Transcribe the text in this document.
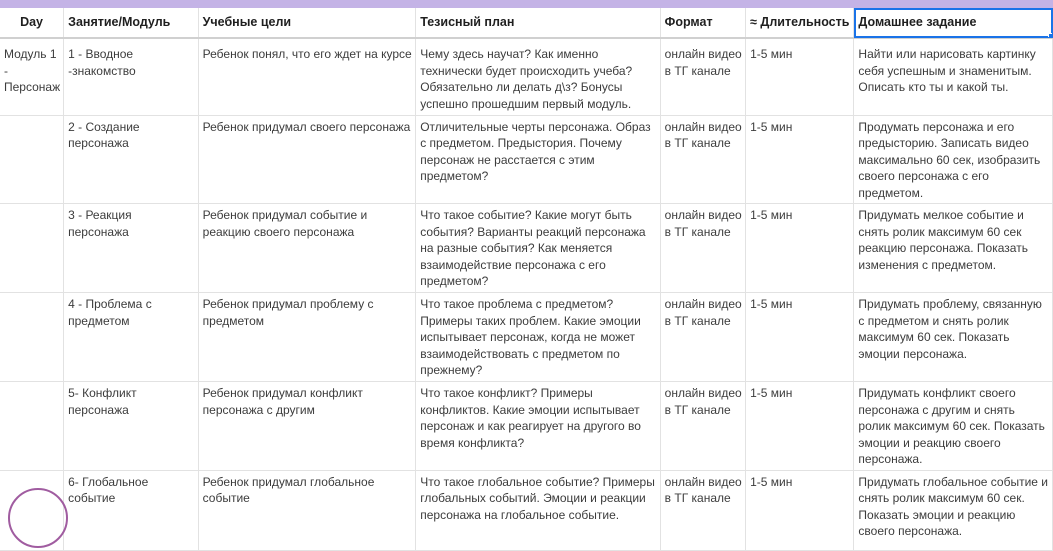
Day	Занятие/Модуль	Учебные цели	Тезисный план	Формат	≈ Длительность	Домашнее задание

Модуль 1 - Персонаж	1 - Вводное -знакомство	Ребенок понял, что его ждет на курсе	Чему здесь научат? Как именно технически будет происходить учеба? Обязательно ли делать д\з? Бонусы успешно прошедшим первый модуль.	онлайн видео в ТГ канале	1-5 мин	Найти или нарисовать картинку себя успешным и знаменитым. Описать кто ты и какой ты.
	2 - Создание персонажа	Ребенок придумал своего персонажа	Отличительные черты персонажа. Образ с предметом. Предыстория. Почему персонаж не расстается с этим предметом?	онлайн видео в ТГ канале	1-5 мин	Продумать персонажа и его предысторию. Записать видео максимально 60 сек, изобразить своего персонажа с его предметом.
	3 - Реакция персонажа	Ребенок придумал событие и реакцию своего персонажа	Что такое событие? Какие могут быть события? Варианты реакций персонажа на разные события? Как меняется взаимодействие персонажа с его предметом?	онлайн видео в ТГ канале	1-5 мин	Придумать мелкое событие и снять ролик максимум 60 сек реакцию персонажа. Показать изменения с предметом.
	4 - Проблема с предметом	Ребенок придумал проблему с предметом	Что такое проблема с предметом? Примеры таких проблем. Какие эмоции испытывает персонаж, когда не может взаимодействовать с предметом по прежнему?	онлайн видео в ТГ канале	1-5 мин	Придумать проблему, связанную с предметом и снять ролик максимум 60 сек. Показать эмоции персонажа.
	5- Конфликт персонажа	Ребенок придумал конфликт персонажа с другим	Что такое конфликт? Примеры конфликтов. Какие эмоции испытывает персонаж и как реагирует на другого во время конфликта?	онлайн видео в ТГ канале	1-5 мин	Придумать конфликт своего персонажа с другим и снять ролик максимум 60 сек. Показать эмоции и реакцию своего персонажа.
	6- Глобальное событие	Ребенок придумал глобальное событие	Что такое глобальное событие? Примеры глобальных событий. Эмоции и реакции персонажа на глобальное событие.	онлайн видео в ТГ канале	1-5 мин	Придумать глобальное событие и снять ролик максимум 60 сек. Показать эмоции и реакцию своего персонажа.
